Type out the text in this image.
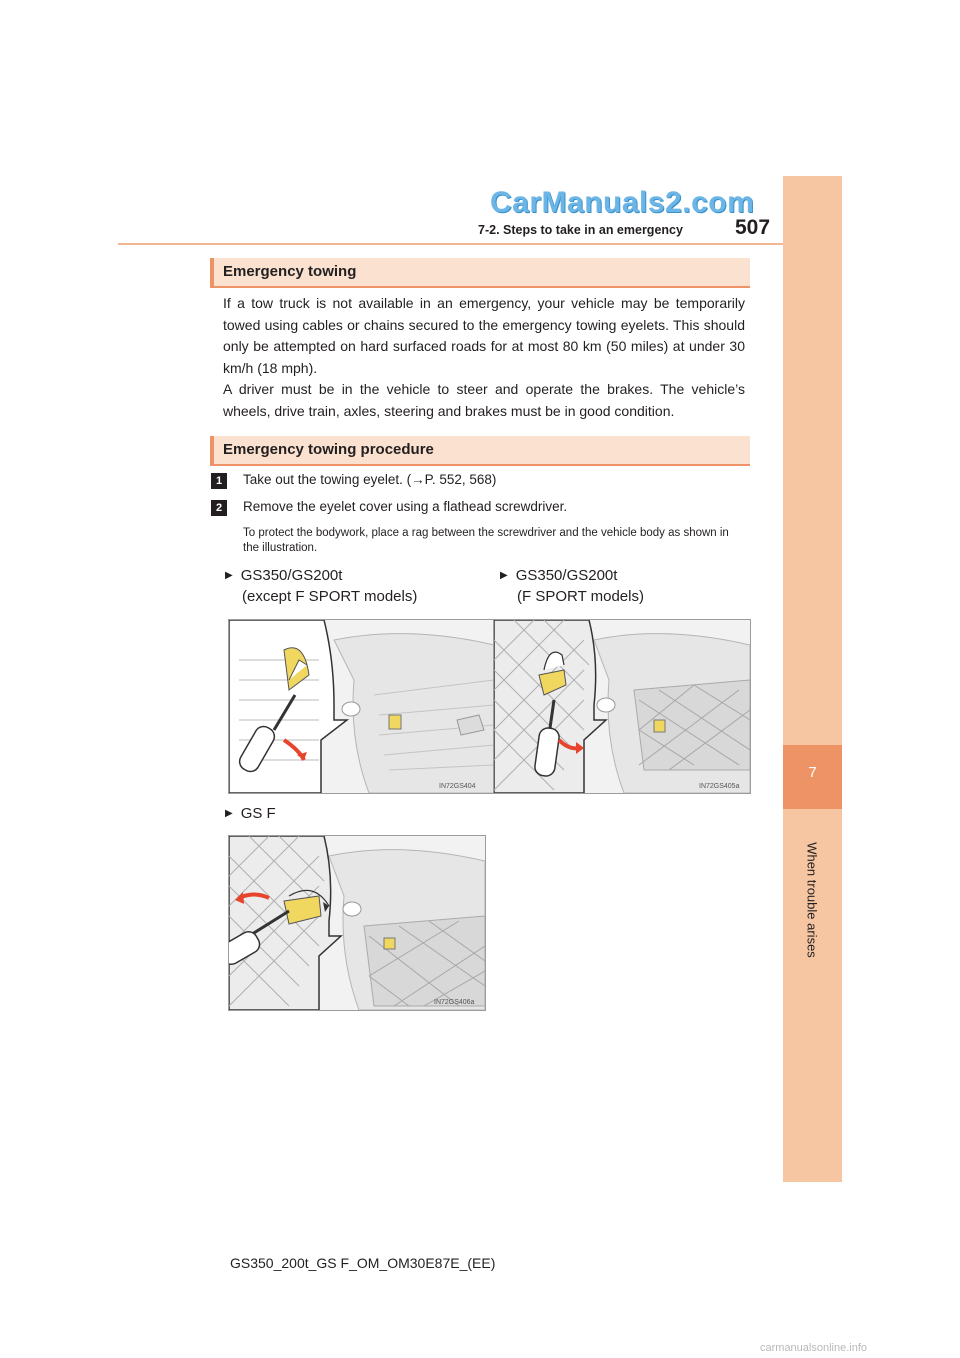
7
When trouble arises
CarManuals2.com
7-2. Steps to take in an emergency 507
Emergency towing

If a tow truck is not available in an emergency, your vehicle may be temporarily towed using cables or chains secured to the emergency towing eyelets. This should only be attempted on hard surfaced roads for at most 80 km (50 miles) at under 30 km/h (18 mph).

A driver must be in the vehicle to steer and operate the brakes. The vehicle’s wheels, drive train, axles, steering and brakes must be in good condition.

Emergency towing procedure
1	Take out the towing eyelet. (→P. 552, 568)
2	Remove the eyelet cover using a flathead screwdriver.
To protect the bodywork, place a rag between the screwdriver and the vehicle body as shown in the illustration.
▶ GS350/GS200t
(except F SPORT models)
▶ GS350/GS200t
(F SPORT models)
IN72GS404	IN72GS405a
▶ GS F
IN72GS406a
GS350_200t_GS F_OM_OM30E87E_(EE)
carmanualsonline.info
